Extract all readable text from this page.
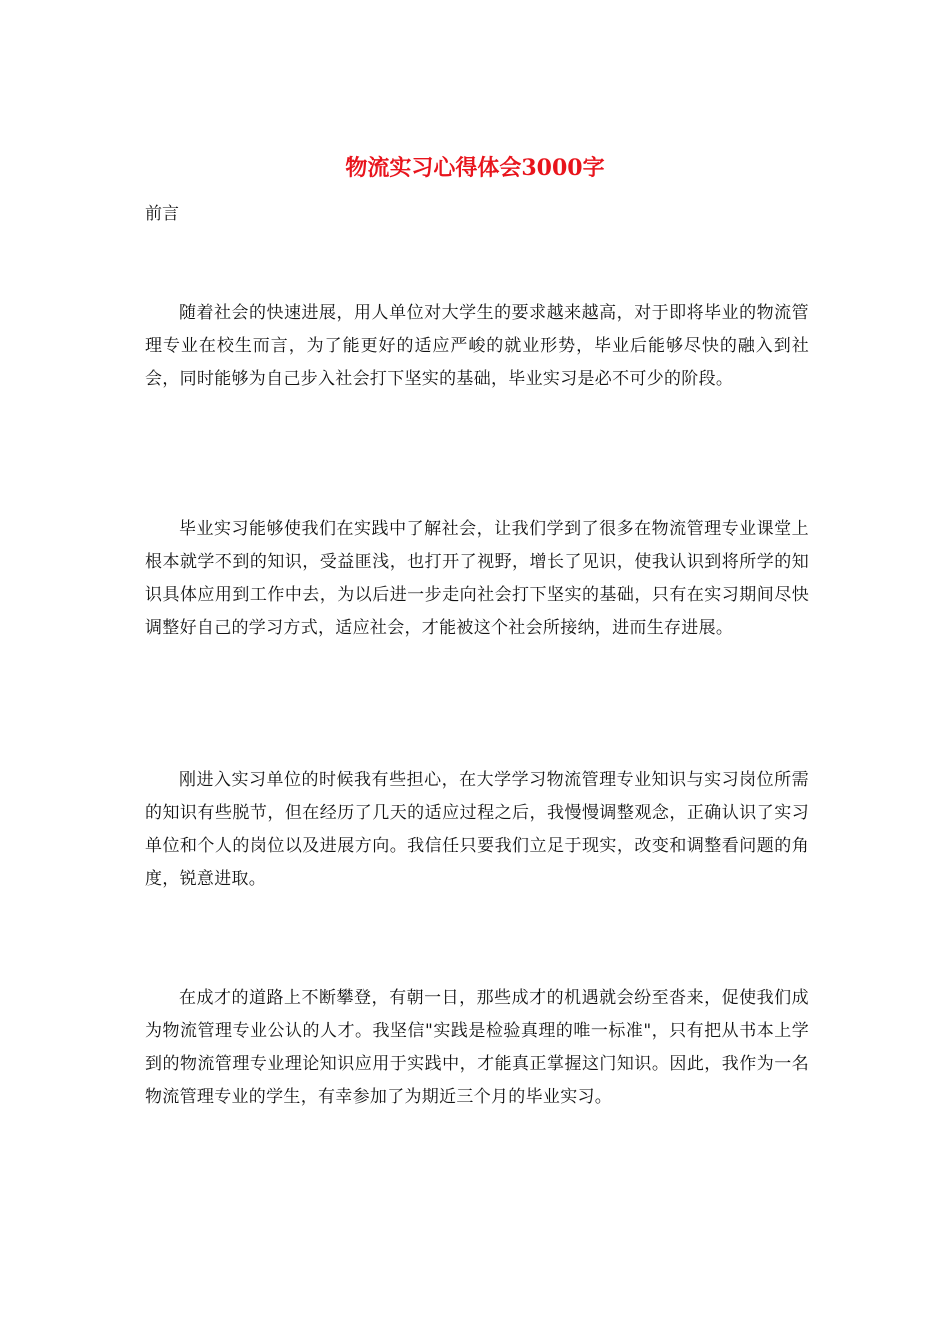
物流实习心得体会3000字

前言

随着社会的快速进展，用人单位对大学生的要求越来越高，对于即将毕业的物流管理专业在校生而言，为了能更好的适应严峻的就业形势，毕业后能够尽快的融入到社会，同时能够为自己步入社会打下坚实的基础，毕业实习是必不可少的阶段。

毕业实习能够使我们在实践中了解社会，让我们学到了很多在物流管理专业课堂上根本就学不到的知识，受益匪浅，也打开了视野，增长了见识，使我认识到将所学的知识具体应用到工作中去，为以后进一步走向社会打下坚实的基础，只有在实习期间尽快调整好自己的学习方式，适应社会，才能被这个社会所接纳，进而生存进展。

刚进入实习单位的时候我有些担心，在大学学习物流管理专业知识与实习岗位所需的知识有些脱节，但在经历了几天的适应过程之后，我慢慢调整观念，正确认识了实习单位和个人的岗位以及进展方向。我信任只要我们立足于现实，改变和调整看问题的角度，锐意进取。

在成才的道路上不断攀登，有朝一日，那些成才的机遇就会纷至沓来，促使我们成为物流管理专业公认的人才。我坚信"实践是检验真理的唯一标准"，只有把从书本上学到的物流管理专业理论知识应用于实践中，才能真正掌握这门知识。因此，我作为一名物流管理专业的学生，有幸参加了为期近三个月的毕业实习。
